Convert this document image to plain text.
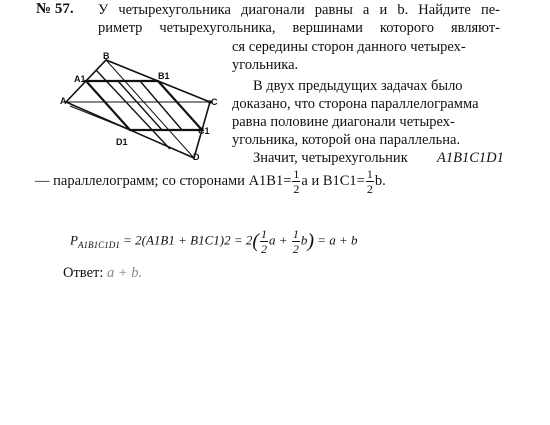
№ 57. У четырехугольника диагонали равны a и b. Найдите пе-
риметр четырехугольника, вершинами которого являют-
ся середины сторон данного четырех-
угольника.
B
B1
A1
A	C
C1
D1
D
В двух предыдущих задачах было
доказано, что сторона параллелограмма
равна половине диагонали четырех-
угольника, которой она параллельна.
Значит, четырехугольник A1B1C1D1
— параллелограмм; со сторонами $A1B1= \frac{1}{2}$ a и $B1C1= \frac{1}{2} b$.
$P_{A1B1C1D1} = 2(A1B1 + B1C1)2 = 2( \frac{1}{2}$ $a + \frac{1}{2} b) = a + b$
Ответ: a + b.
